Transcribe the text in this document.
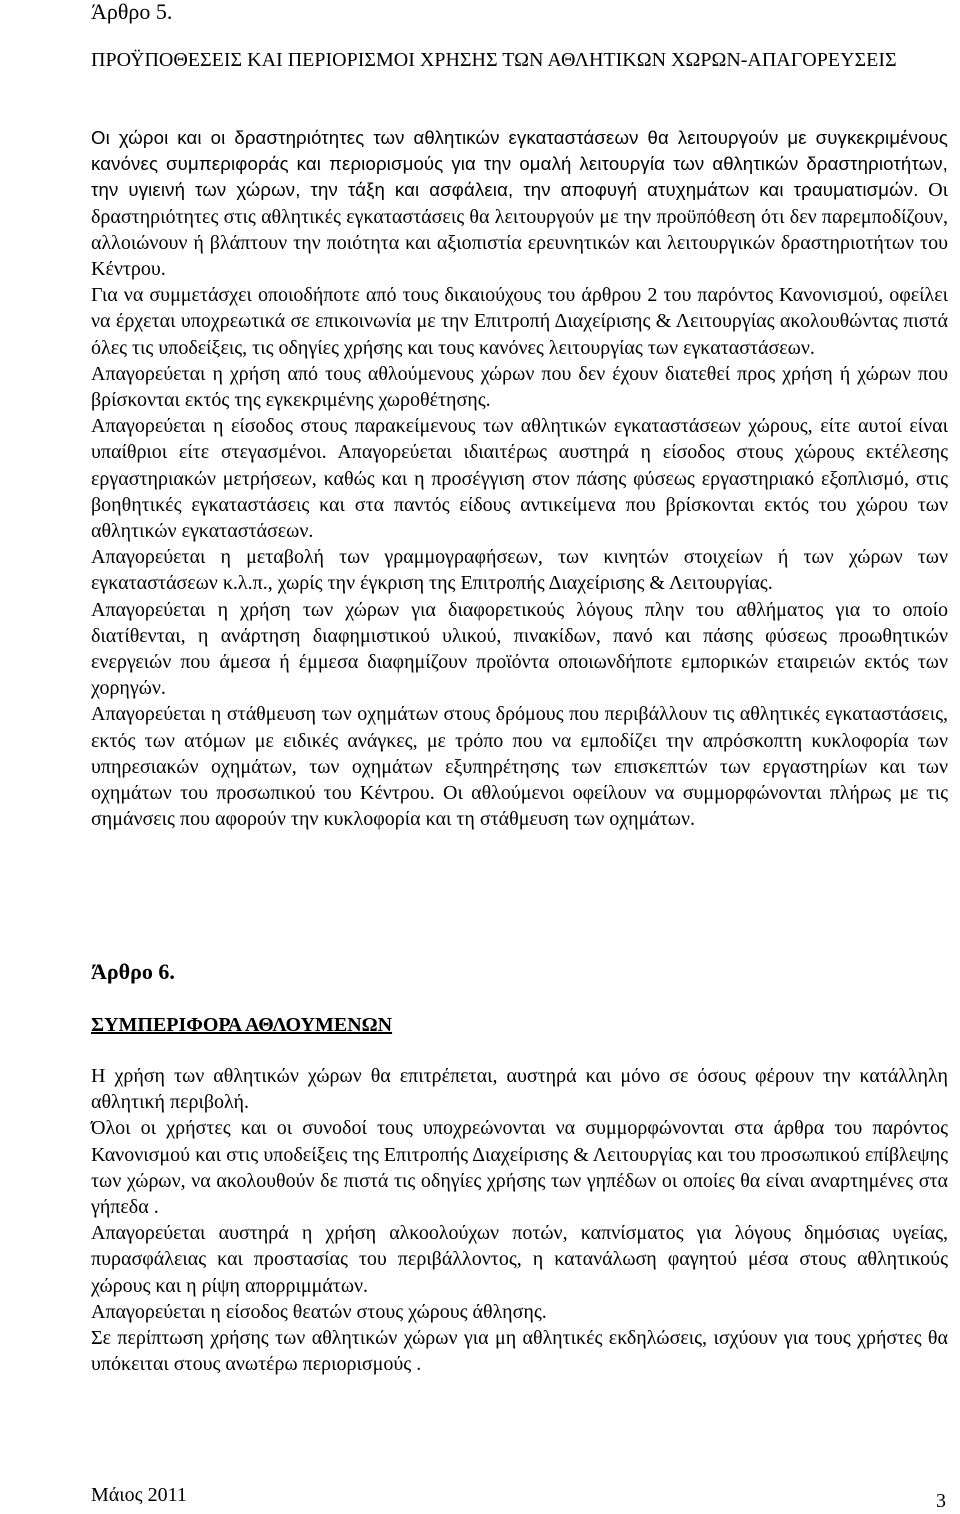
Άρθρο 5.
ΠΡΟΫΠΟΘΕΣΕΙΣ ΚΑΙ ΠΕΡΙΟΡΙΣΜΟΙ ΧΡΗΣΗΣ ΤΩΝ ΑΘΛΗΤΙΚΩΝ ΧΩΡΩΝ-ΑΠΑΓΟΡΕΥΣΕΙΣ

Οι χώροι και οι δραστηριότητες των αθλητικών εγκαταστάσεων θα λειτουργούν με συγκεκριμένους κανόνες συμπεριφοράς και περιορισμούς για την ομαλή λειτουργία των αθλητικών δραστηριοτήτων, την υγιεινή των χώρων, την τάξη και ασφάλεια, την αποφυγή ατυχημάτων και τραυματισμών. Οι δραστηριότητες στις αθλητικές εγκαταστάσεις θα λειτουργούν με την προϋπόθεση ότι δεν παρεμποδίζουν, αλλοιώνουν ή βλάπτουν την ποιότητα και αξιοπιστία ερευνητικών και λειτουργικών δραστηριοτήτων του Κέντρου.

Για να συμμετάσχει οποιοδήποτε από τους δικαιούχους του άρθρου 2 του παρόντος Κανονισμού, οφείλει να έρχεται υποχρεωτικά σε επικοινωνία με την Επιτροπή Διαχείρισης & Λειτουργίας ακολουθώντας πιστά όλες τις υποδείξεις, τις οδηγίες χρήσης και τους κανόνες λειτουργίας των εγκαταστάσεων.

Απαγορεύεται η χρήση από τους αθλούμενους χώρων που δεν έχουν διατεθεί προς χρήση ή χώρων που βρίσκονται εκτός της εγκεκριμένης χωροθέτησης.

Απαγορεύεται η είσοδος στους παρακείμενους των αθλητικών εγκαταστάσεων χώρους, είτε αυτοί είναι υπαίθριοι είτε στεγασμένοι. Απαγορεύεται ιδιαιτέρως αυστηρά η είσοδος στους χώρους εκτέλεσης εργαστηριακών μετρήσεων, καθώς και η προσέγγιση στον πάσης φύσεως εργαστηριακό εξοπλισμό, στις βοηθητικές εγκαταστάσεις και στα παντός είδους αντικείμενα που βρίσκονται εκτός του χώρου των αθλητικών εγκαταστάσεων.

Απαγορεύεται η μεταβολή των γραμμογραφήσεων, των κινητών στοιχείων ή των χώρων των εγκαταστάσεων κ.λ.π., χωρίς την έγκριση της Επιτροπής Διαχείρισης & Λειτουργίας.

Απαγορεύεται η χρήση των χώρων για διαφορετικούς λόγους πλην του αθλήματος για το οποίο διατίθενται, η ανάρτηση διαφημιστικού υλικού, πινακίδων, πανό και πάσης φύσεως προωθητικών ενεργειών που άμεσα ή έμμεσα διαφημίζουν προϊόντα οποιωνδήποτε εμπορικών εταιρειών εκτός των χορηγών.

Απαγορεύεται η στάθμευση των οχημάτων στους δρόμους που περιβάλλουν τις αθλητικές εγκαταστάσεις, εκτός των ατόμων με ειδικές ανάγκες, με τρόπο που να εμποδίζει την απρόσκοπτη κυκλοφορία των υπηρεσιακών οχημάτων, των οχημάτων εξυπηρέτησης των επισκεπτών των εργαστηρίων και των οχημάτων του προσωπικού του Κέντρου. Οι αθλούμενοι οφείλουν να συμμορφώνονται πλήρως με τις σημάνσεις που αφορούν την κυκλοφορία και τη στάθμευση των οχημάτων.

Άρθρο 6.
ΣΥΜΠΕΡΙΦΟΡΑ ΑΘΛΟΥΜΕΝΩΝ

Η χρήση των αθλητικών χώρων θα επιτρέπεται, αυστηρά και μόνο σε όσους φέρουν την κατάλληλη αθλητική περιβολή.

Όλοι οι χρήστες και οι συνοδοί τους υποχρεώνονται να συμμορφώνονται στα άρθρα του παρόντος Κανονισμού και στις υποδείξεις της Επιτροπής Διαχείρισης & Λειτουργίας και του προσωπικού επίβλεψης των χώρων, να ακολουθούν δε πιστά τις οδηγίες χρήσης των γηπέδων οι οποίες θα είναι αναρτημένες στα γήπεδα .

Απαγορεύεται αυστηρά η χρήση αλκοολούχων ποτών, καπνίσματος για λόγους δημόσιας υγείας, πυρασφάλειας και προστασίας του περιβάλλοντος, η κατανάλωση φαγητού μέσα στους αθλητικούς χώρους και η ρίψη απορριμμάτων.

Απαγορεύεται η είσοδος θεατών στους χώρους άθλησης.

Σε περίπτωση χρήσης των αθλητικών χώρων για μη αθλητικές εκδηλώσεις, ισχύουν για τους χρήστες θα υπόκειται στους ανωτέρω περιορισμούς .

Μάιος 2011	3
